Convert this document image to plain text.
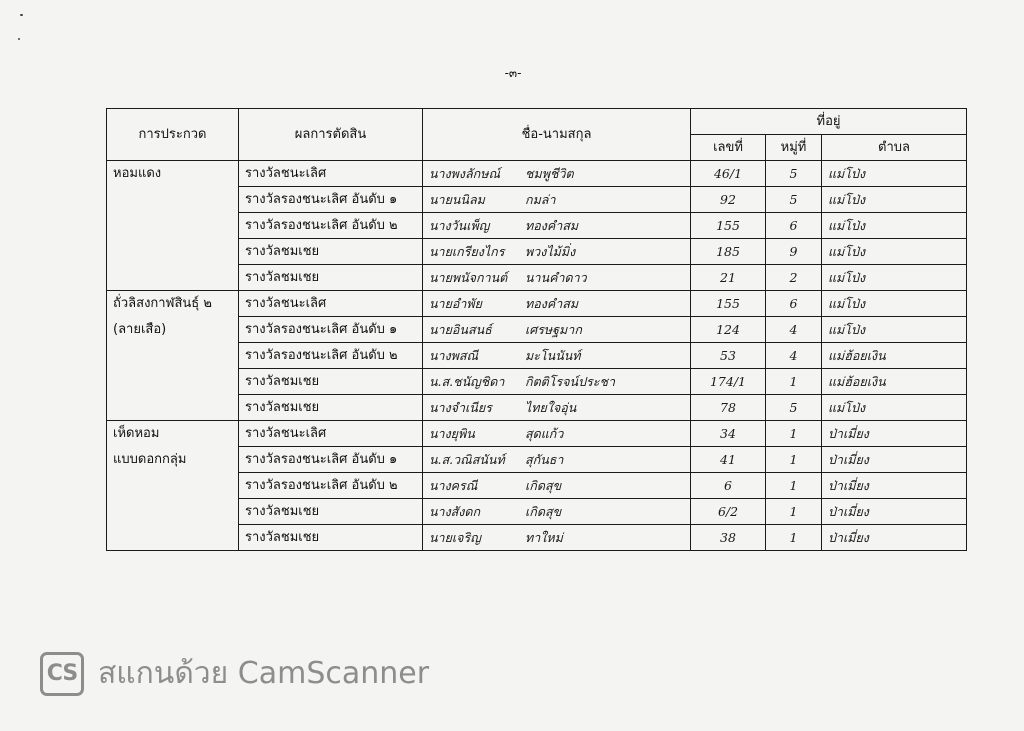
-๓-
การประกวด	ผลการตัดสิน	ชื่อ-นามสกุล	ที่อยู่		
			เลขที่	หมู่ที่	ตำบล

หอมแดง	รางวัลชนะเลิศ	นางพงลักษณ์ ชมพูชีวิต	46/1	5	แม่โป่ง
	รางวัลรองชนะเลิศ อันดับ ๑	นายนนิลม กมล่า	92	5	แม่โป่ง
	รางวัลรองชนะเลิศ อันดับ ๒	นางวันเพ็ญ ทองคำสม	155	6	แม่โป่ง
	รางวัลชมเชย	นายเกรียงไกร พวงไม้มิ่ง	185	9	แม่โป่ง
	รางวัลชมเชย	นายพนัจกานต์ นานคำดาว	21	2	แม่โป่ง

ถั่วลิสงกาฬสินธุ์ ๒
(ลายเสือ)	รางวัลชนะเลิศ	นายอำพัย ทองคำสม	155	6	แม่โป่ง
	รางวัลรองชนะเลิศ อันดับ ๑	นายอินสนธ์ เศรษฐมาก	124	4	แม่โป่ง
	รางวัลรองชนะเลิศ อันดับ ๒	นางพสณี มะโนนันท์	53	4	แม่ฮ้อยเงิน
	รางวัลชมเชย	น.ส.ชนัญชิดา กิตติโรจน์ประชา	174/1	1	แม่ฮ้อยเงิน
	รางวัลชมเชย	นางจำเนียร ไทยใจอุ่น	78	5	แม่โป่ง

เห็ดหอม
แบบดอกกลุ่ม	รางวัลชนะเลิศ	นางยุพิน สุดแก้ว	34	1	ป่าเมี่ยง
	รางวัลรองชนะเลิศ อันดับ ๑	น.ส.วณิสนันท์ สุกันธา	41	1	ป่าเมี่ยง
	รางวัลรองชนะเลิศ อันดับ ๒	นางครณี เกิดสุข	6	1	ป่าเมี่ยง
	รางวัลชมเชย	นางสังดก เกิดสุข	6/2	1	ป่าเมี่ยง
	รางวัลชมเชย	นายเจริญ ทาใหม่	38	1	ป่าเมี่ยง
CS สแกนด้วย CamScanner
